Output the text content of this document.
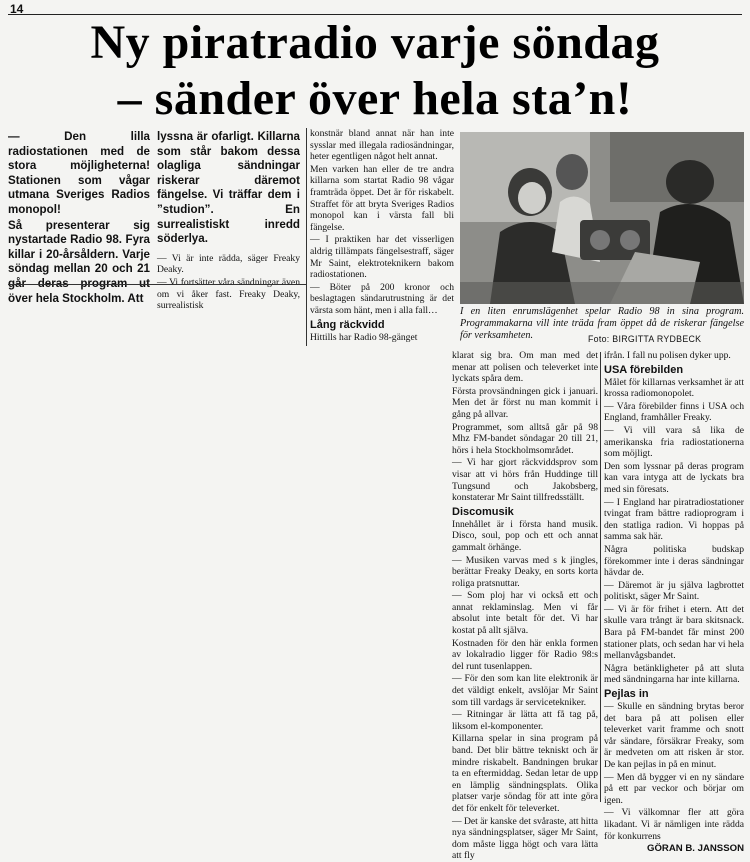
14
Ny piratradio varje söndag
– sänder över hela sta’n!

— Den lilla radiostationen med de stora möjligheterna! Stationen som vågar utmana Sveriges Radios monopol!

Så presenterar sig nystartade Radio 98. Fyra killar i 20-årsåldern. Varje söndag mellan 20 och 21 går deras program ut över hela Stockholm. Att

lyssna är ofarligt. Killarna som står bakom dessa olagliga sändningar riskerar däremot fängelse. Vi träffar dem i ”studion”. En surrealistiskt inredd söderlya.

— Vi är inte rädda, säger Freaky Deaky.

— Vi fortsätter våra sändningar även om vi åker fast. Freaky Deaky, surrealistisk

konstnär bland annat när han inte sysslar med illegala radiosändningar, heter egentligen något helt annat.

Men varken han eller de tre andra killarna som startat Radio 98 vågar framträda öppet. Det är för riskabelt. Straffet för att bryta Sveriges Radios monopol kan i värsta fall bli fängelse.

— I praktiken har det visserligen aldrig tillämpats fängelsestraff, säger Mr Saint, elektroteknikern bakom radiostationen.

— Böter på 200 kronor och beslagtagen sändarutrustning är det värsta som hänt, men i alla fall…

Lång räckvidd

Hittills har Radio 98-gänget

I en liten enrumslägenhet spelar Radio 98 in sina program. Programmakarna vill inte träda fram öppet då de riskerar fängelse för verksamheten.	Foto: BIRGITTA RYDBECK

klarat sig bra. Om man med det menar att polisen och televerket inte lyckats spåra dem.

Första provsändningen gick i januari. Men det är först nu man kommit i gång på allvar.

Programmet, som alltså går på 98 Mhz FM-bandet söndagar 20 till 21, hörs i hela Stockholmsområdet.

— Vi har gjort räckviddsprov som visar att vi hörs från Huddinge till Tungsund och Jakobsberg, konstaterar Mr Saint tillfredsställt.

Discomusik

Innehållet är i första hand musik. Disco, soul, pop och ett och annat gammalt örhänge.

— Musiken varvas med s k jingles, berättar Freaky Deaky, en sorts korta roliga pratsnuttar.

— Som ploj har vi också ett och annat reklaminslag. Men vi får absolut inte betalt för det. Vi har kostat på allt själva.

Kostnaden för den här enkla formen av lokalradio ligger för Radio 98:s del runt tusenlappen.

— För den som kan lite elektronik är det väldigt enkelt, avslöjar Mr Saint som till vardags är servicetekniker.

— Ritningar är lätta att få tag på, liksom el-komponenter.

Killarna spelar in sina program på band. Det blir bättre tekniskt och är mindre riskabelt. Bandningen brukar ta en eftermiddag. Sedan letar de upp en lämplig sändningsplats. Olika platser varje söndag för att inte göra det för enkelt för televerket.

— Det är kanske det svåraste, att hitta nya sändningsplatser, säger Mr Saint, dom måste ligga högt och vara lätta att fly

ifrån. I fall nu polisen dyker upp.

USA förebilden

Målet för killarnas verksamhet är att krossa radiomonopolet.

— Våra förebilder finns i USA och England, framhåller Freaky.

— Vi vill vara så lika de amerikanska fria radiostationerna som möjligt.

Den som lyssnar på deras program kan vara intyga att de lyckats bra med sin föresats.

— I England har piratradiostationer tvingat fram bättre radioprogram i den statliga radion. Vi hoppas på samma sak här.

Några politiska budskap förekommer inte i deras sändningar hävdar de.

— Däremot är ju själva lagbrottet politiskt, säger Mr Saint.

— Vi är för frihet i etern. Att det skulle vara trångt är bara skitsnack. Bara på FM-bandet får minst 200 stationer plats, och sedan har vi hela mellanvågsbandet.

Några betänkligheter på att sluta med sändningarna har inte killarna.

Pejlas in

— Skulle en sändning brytas beror det bara på att polisen eller televerket varit framme och snott vår sändare, försäkrar Freaky, som är medveten om att risken är stor. De kan pejlas in på en minut.

— Men då bygger vi en ny sändare på ett par veckor och börjar om igen.

— Vi välkomnar fler att göra likadant. Vi är nämligen inte rädda för konkurrens

GÖRAN B. JANSSON
